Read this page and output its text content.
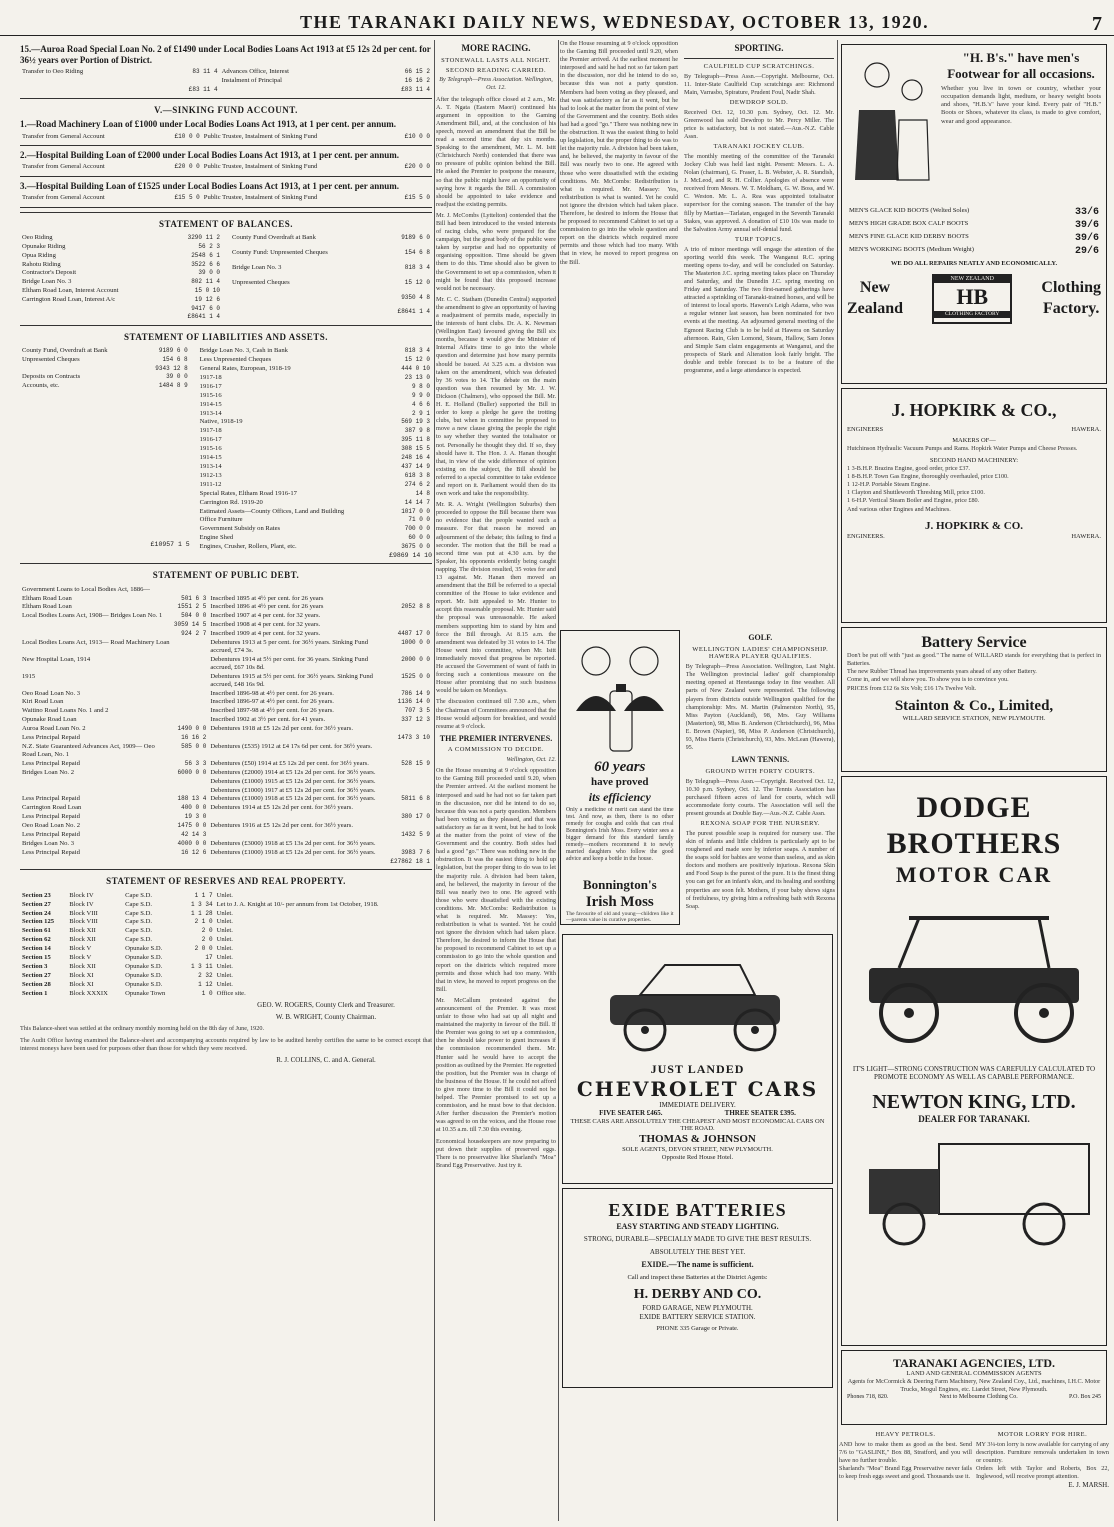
THE TARANAKI DAILY NEWS, WEDNESDAY, OCTOBER 13, 1920.	7
15.—Auroa Road Special Loan No. 2 of £1490 under Local Bodies Loans Act 1913 at £5 12s 2d per cent. for 36½ years over Portion of District.
Transfer to Oeo Riding	83 11 4	Advances Office, Interest	66 15 2
		Instalment of Principal	16 16 2
	£83 11 4		£83 11 4
V.—SINKING FUND ACCOUNT.
1.—Road Machinery Loan of £1000 under Local Bodies Loans Act 1913, at 1 per cent. per annum.
Transfer from General Account	£10 0 0	Public Trustee, Instalment of Sinking Fund	£10 0 0
2.—Hospital Building Loan of £2000 under Local Bodies Loans Act 1913, at 1 per cent. per annum.
Transfer from General Account	£20 0 0	Public Trustee, Instalment of Sinking Fund	£20 0 0
3.—Hospital Building Loan of £1525 under Local Bodies Loans Act 1913, at 1 per cent. per annum.
Transfer from General Account	£15 5 0	Public Trustee, Instalment of Sinking Fund	£15 5 0
STATEMENT OF BALANCES.
Oeo Riding	3290 11 2
Opunake Riding	56 2 3
Opua Riding	2548 6 1
Rahotu Riding	3522 6 6
Contractor's Deposit	39 0 0
Bridge Loan No. 3	802 11 4
Eltham Road Loan, Interest Account	15 0 10
Carrington Road Loan, Interest A/c	19 12 6
	9417 6 0
	£8641 1 4
County Fund Overdraft at Bank	9189 6 0
County Fund: Unpresented Cheques	154 6 8
Bridge Loan No. 3	818 3 4
Unpresented Cheques	15 12 0
	9350 4 8
	£8641 1 4
STATEMENT OF LIABILITIES AND ASSETS.
County Fund, Overdraft at Bank	9189 6 0
Unpresented Cheques	154 6 8
	9343 12 8
Deposits on Contracts	39 0 0
Accounts, etc.	1484 8 9
£10957 1 5
Bridge Loan No. 3, Cash in Bank	818 3 4
Less Unpresented Cheques	15 12 0
General Rates, European, 1918-19	444 0 10
1917-18	23 13 0
1916-17	9 8 0
1915-16	9 9 0
1914-15	4 6 6
1913-14	2 9 1
Native, 1918-19	569 19 3
1917-18	387 9 8
1916-17	395 11 8
1915-16	308 15 5
1914-15	248 16 4
1913-14	437 14 9
1912-13	618 3 8
1911-12	274 6 2
Special Rates, Eltham Road 1916-17	14 8
Carrington Rd. 1919-20	14 14 7
Estimated Assets—County Offices, Land and Building	1017 0 0
Office Furniture	71 0 0
Government Subsidy on Rates	700 0 0
Engine Shed	60 0 0
Engines, Crusher, Rollers, Plant, etc.	3675 0 0
£9869 14 10
STATEMENT OF PUBLIC DEBT.
Government Loans to Local Bodies Act, 1886—			
Eltham Road Loan	501 6 3	Inscribed 1895 at 4½ per cent. for 26 years	
Eltham Road Loan	1551 2 5	Inscribed 1896 at 4½ per cent. for 26 years	2052 8 8
Local Bodies Loans Act, 1908— Bridges Loan No. 1	504 0 0	Inscribed 1907 at 4 per cent. for 32 years.	
	3059 14 5	Inscribed 1908 at 4 per cent. for 32 years.	
	924 2 7	Inscribed 1909 at 4 per cent. for 32 years.	4487 17 0
Local Bodies Loans Act, 1913— Road Machinery Loan		Debentures 1913 at 5 per cent. for 36½ years. Sinking Fund accrued, £74 3s.	1000 0 0
New Hospital Loan, 1914		Debentures 1914 at 5½ per cent. for 36 years. Sinking Fund accrued, £67 10s 8d.	2000 0 0
1915		Debentures 1915 at 5½ per cent. for 36½ years. Sinking Fund accrued, £48 16s 9d.	1525 0 0
Oeo Road Loan No. 3		Inscribed 1896-98 at 4½ per cent. for 26 years.	786 14 9
Kiri Road Loan		Inscribed 1896-97 at 4½ per cent. for 26 years.	1136 14 0
Waitino Road Loans No. 1 and 2		Inscribed 1897-98 at 4½ per cent. for 26 years.	707 3 5
Opunake Road Loan		Inscribed 1902 at 3½ per cent. for 41 years.	337 12 3
Auroa Road Loan No. 2	1490 0 0	Debentures 1918 at £5 12s 2d per cent. for 36½ years.	
Less Principal Repaid	16 16 2		1473 3 10
N.Z. State Guaranteed Advances Act, 1909— Oeo Road Loan, No. 1	585 0 0	Debentures (£535) 1912 at £4 17s 6d per cent. for 36½ years.	
Less Principal Repaid	56 3 3	Debentures (£50) 1914 at £5 12s 2d per cent. for 36½ years.	528 15 9
Bridges Loan No. 2	6000 0 0	Debentures (£2000) 1914 at £5 12s 2d per cent. for 36½ years.	
		Debentures (£1000) 1915 at £5 12s 2d per cent. for 36½ years.	
		Debentures (£1000) 1917 at £5 12s 2d per cent. for 36½ years.	
Less Principal Repaid	188 13 4	Debentures (£1000) 1918 at £5 12s 2d per cent. for 36½ years.	5811 6 8
Carrington Road Loan	400 0 0	Debentures 1914 at £5 12s 2d per cent. for 36½ years.	
Less Principal Repaid	19 3 0		380 17 0
Oeo Road Loan No. 2	1475 0 0	Debentures 1916 at £5 12s 2d per cent. for 36½ years.	
Less Principal Repaid	42 14 3		1432 5 9
Bridges Loan No. 3	4000 0 0	Debentures (£3000) 1918 at £5 13s 2d per cent. for 36½ years.	
Less Principal Repaid	16 12 6	Debentures (£1000) 1918 at £5 12s 2d per cent. for 36½ years.	3983 7 6
			£27862 18 1
STATEMENT OF RESERVES AND REAL PROPERTY.
Section 23	Block IV	Cape S.D.	1 1 7	Unlet.
Section 27	Block IV	Cape S.D.	1 3 34	Let to J. A. Knight at 10/- per annum from 1st October, 1918.
Section 24	Block VIII	Cape S.D.	1 1 28	Unlet.
Section 125	Block VIII	Cape S.D.	2 1 0	Unlet.
Section 61	Block XII	Cape S.D.	2 0	Unlet.
Section 62	Block XII	Cape S.D.	2 0	Unlet.
Section 14	Block V	Opunake S.D.	2 0 0	Unlet.
Section 15	Block V	Opunake S.D.	17	Unlet.
Section 3	Block XII	Opunake S.D.	1 3 11	Unlet.
Section 27	Block XI	Opunake S.D.	2 32	Unlet.
Section 28	Block XI	Opunake S.D.	1 12	Unlet.
Section 1	Block XXXIX	Opunake Town	1 0	Office site.
GEO. W. ROGERS, County Clerk and Treasurer.
W. B. WRIGHT, County Chairman.
This Balance-sheet was settled at the ordinary monthly morning held on the 8th day of June, 1920.
The Audit Office having examined the Balance-sheet and accompanying accounts required by law to be audited hereby certifies the same to be correct except that interest moneys have been used for purposes other than those for which they were received.
R. J. COLLINS, C. and A. General.
MORE RACING.
STONEWALL LASTS ALL NIGHT.
SECOND READING CARRIED.

By Telegraph—Press Association. Wellington, Oct. 12.

After the telegraph office closed at 2 a.m., Mr. A. T. Ngata (Eastern Maori) continued his argument in opposition to the Gaming Amendment Bill, and, at the conclusion of his speech, moved an amendment that the Bill be read a second time that day six months. Speaking to the amendment, Mr. L. M. Isitt (Christchurch North) contended that there was no pressure of public opinion behind the Bill. He asked the Premier to postpone the measure, so that the public might have an opportunity of saying how it regards the Bill. A commission should be appointed to take evidence and readjust the existing permits.

Mr. J. McCombs (Lyttelton) contended that the Bill had been introduced to the vested interests of racing clubs, who were prepared for the campaign, but the great body of the public were taken by surprise and had no opportunity of organising opposition. Time should be given them to do this. Time should also be given to the Government to set up a commission, when it might be found that this proposed increase would not be necessary.

Mr. C. C. Statham (Dunedin Central) supported the amendment to give an opportunity of having a readjustment of permits made, especially in the interests of hunt clubs. Dr. A. K. Newman (Wellington East) favoured giving the Bill six months, because it would give the Minister of Internal Affairs time to go into the whole question and determine just how many permits should be issued. At 3.25 a.m. a division was taken on the amendment, which was defeated by 36 votes to 14. The debate on the main question was then resumed by Mr. J. W. Dickson (Chalmers), who opposed the Bill. Mr. H. E. Holland (Buller) supported the Bill in order to keep a pledge he gave the trotting clubs, but when in committee he proposed to move a new clause giving the people the right to say whether they wanted the totalisator or not. Personally he thought they did. If so, they should have it. The Hon. J. A. Hanan thought that, in view of the wide difference of opinion existing on the subject, the Bill should be referred to a special committee to take evidence and report on it. Parliament would then do its own work and take the responsibility.

Mr. R. A. Wright (Wellington Suburbs) then proceeded to oppose the Bill because there was no evidence that the people wanted such a measure. For that reason he moved an adjournment of the debate; this failing to find a seconder. The motion that the Bill be read a second time was put at 4.30 a.m. by the Speaker, his opponents evidently being caught napping. The division resulted, 35 votes for and 13 against. Mr. Hanan then moved an amendment that the Bill be referred to a special committee of the House to take evidence and report. Mr. Isitt appealed to Mr. Hunter to accept this reasonable proposal. Mr. Hunter said the proposal was unreasonable. He asked members supporting him to stand by him and force the Bill through. At 8.15 a.m. the amendment was defeated by 31 votes to 14. The House went into committee, when Mr. Isitt immediately moved that progress be reported. He accused the Government of want of faith in forcing such a contentious measure on the House after promising that no such business would be taken on Mondays.

The discussion continued till 7.30 a.m., when the Chairman of Committees announced that the House would adjourn for breakfast, and would resume at 9 o'clock.

THE PREMIER INTERVENES.
A COMMISSION TO DECIDE.

Wellington, Oct. 12.

On the House resuming at 9 o'clock opposition to the Gaming Bill proceeded until 9.20, when the Premier arrived. At the earliest moment he interposed and said he had not so far taken part in the discussion, nor did he intend to do so, because this was not a party question. Members had been voting as they pleased, and that was satisfactory as far as it went, but he had to look at the matter from the point of view of the Government and the country. Both sides had had a good "go." There was nothing new in the obstruction. It was the easiest thing to hold up legislation, but the proper thing to do was to let the majority rule. A division had been taken, and, he believed, the majority in favour of the Bill was nearly two to one. He agreed with those who were dissatisfied with the existing conditions. Mr. McCombs: Redistribution is what is required. Mr. Massey: Yes, redistribution is what is wanted. Yet he could not ignore the division which had taken place. Therefore, he desired to inform the House that he proposed to recommend Cabinet to set up a commission to go into the whole question and report on the districts which required more permits and those which had too many. With that in view, he moved to report progress on the Bill.

Mr. McCallum protested against the announcement of the Premier. It was most unfair to those who had sat up all night and maintained the majority in favour of the Bill. If the Premier was going to set up a commission, then he should take power to grant increases if the commission recommended them. Mr. Hunter said he would have to accept the position as outlined by the Premier. He regretted the position, but the Premier was in charge of the business of the House. If he could not afford to give more time to the Bill it could not be helped. The Premier promised to set up a commission, and he must bow to that decision. After further discussion the Premier's motion was agreed to on the voices, and the House rose at 10.35 a.m. till 7.30 this evening.

Economical housekeepers are now preparing to put down their supplies of preserved eggs. There is no preservative like Sharland's "Moa" Brand Egg Preservative. Just try it.

On the House resuming at 9 o'clock opposition to the Gaming Bill proceeded until 9.20, when the Premier arrived. At the earliest moment he interposed and said he had not so far taken part in the discussion, nor did he intend to do so, because this was not a party question. Members had been voting as they pleased, and that was satisfactory as far as it went, but he had to look at the matter from the point of view of the Government and the country. Both sides had had a good "go." There was nothing new in the obstruction. It was the easiest thing to hold up legislation, but the proper thing to do was to let the majority rule. A division had been taken, and, he believed, the majority in favour of the Bill was nearly two to one. He agreed with those who were dissatisfied with the existing conditions. Mr. McCombs: Redistribution is what is required. Mr. Massey: Yes, redistribution is what is wanted. Yet he could not ignore the division which had taken place. Therefore, he desired to inform the House that he proposed to recommend Cabinet to set up a commission to go into the whole question and report on the districts which required more permits and those which had too many. With that in view, he moved to report progress on the Bill.
SPORTING.
CAULFIELD CUP SCRATCHINGS.
By Telegraph—Press Assn.—Copyright. Melbourne, Oct. 11. Inter-State Caulfield Cup scratchings are: Richmond Main, Varrasbo, Spirature, Prudent Foul, Nadir Shah.
DEWDROP SOLD.
Received Oct. 12, 10.30 p.m. Sydney, Oct. 12. Mr. Greenwood has sold Dewdrop to Mr. Percy Miller. The price is satisfactory, but is not stated.—Aus.-N.Z. Cable Assn.
TARANAKI JOCKEY CLUB.
The monthly meeting of the committee of the Taranaki Jockey Club was held last night. Present: Messrs. L. A. Nolan (chairman), G. Fraser, L. B. Webster, A. R. Standish, J. McLeod, and R. H. Collier. Apologies of absence were received from Messrs. W. T. Moldham, G. W. Boss, and W. C. Weston. Mr. L. A. Rea was appointed totalisator supervisor for the coming season. The transfer of the bay filly by Martian—Tarlatan, engaged in the Seventh Taranaki Stakes, was approved. A donation of £10 10s was made to the Salvation Army annual self-denial fund.
TURF TOPICS.
A trio of minor meetings will engage the attention of the sporting world this week. The Wanganui R.C. spring meeting opens to-day, and will be concluded on Saturday. The Masterton J.C. spring meeting takes place on Thursday and Saturday, and the Dunedin J.C. spring meeting on Friday and Saturday. The two first-named gatherings have attracted a sprinkling of Taranaki-trained horses, and will be of interest to local sports. Hawera's Leigh Adams, who was a regular winner last season, has been nominated for two events at the meeting. An adjourned general meeting of the Egmont Racing Club is to be held at Hawera on Saturday afternoon. Rain, Glen Lomond, Steam, Hallow, Sam Jones and Simple Sam claim engagements at Wanganui, and the prospects of Stark and Alteration look fairly bright. The double and treble forecast is to be a feature of the programme, and a large attendance is expected.
60 years
have proved
its efficiency
Only a medicine of merit can stand the time test. And now, as then, there is no other remedy for coughs and colds that can rival Bonnington's Irish Moss. Every winter sees a bigger demand for this standard family remedy—mothers recommend it to newly married daughters who follow the good advice and keep a bottle in the house.
Bonnington's
Irish Moss
The favourite of old and young—children like it—parents value its curative properties.
GOLF.
WELLINGTON LADIES' CHAMPIONSHIP. HAWERA PLAYER QUALIFIES.
By Telegraph—Press Association. Wellington, Last Night. The Wellington provincial ladies' golf championship meeting opened at Heretaunga today in fine weather. All parts of New Zealand were represented. The following players from districts outside Wellington qualified for the championship: Mrs. M. Martin (Palmerston North), 95, Miss Payton (Auckland), 98, Mrs. Guy Williams (Masterton), 98, Miss B. Anderson (Christchurch), 96, Miss E. Brown (Napier), 98, Miss P. Anderson (Christchurch), 93, Miss Harris (Christchurch), 93, Mrs. McLean (Hawera), 95.
LAWN TENNIS.
GROUND WITH FORTY COURTS.
By Telegraph—Press Assn.—Copyright. Received Oct. 12, 10.30 p.m. Sydney, Oct. 12. The Tennis Association has purchased fifteen acres of land for courts, which will accommodate forty courts. The Association will sell the present grounds at Double Bay.—Aus.-N.Z. Cable Assn.
REXONA SOAP FOR THE NURSERY.
The purest possible soap is required for nursery use. The skin of infants and little children is particularly apt to be roughened and made sore by inferior soaps. A number of the soaps sold for babies are worse than useless, and as skin doctors and mothers are positively injurious. Rexona Skin and Food Soap is the purest of the pure. It is the finest thing you can get for an infant's skin, and its healing and soothing properties are soon felt. Mothers, if your baby shows signs of fretfulness, try giving him a refreshing bath with Rexona Soap.
JUST LANDED
CHEVROLET CARS
IMMEDIATE DELIVERY.
FIVE SEATER £465.	THREE SEATER £395.
THESE CARS ARE ABSOLUTELY THE CHEAPEST AND MOST ECONOMICAL CARS ON THE ROAD.
THOMAS & JOHNSON
SOLE AGENTS, DEVON STREET, NEW PLYMOUTH.
Opposite Red House Hotel.
EXIDE BATTERIES
EASY STARTING AND STEADY LIGHTING.
STRONG, DURABLE—SPECIALLY MADE TO GIVE THE BEST RESULTS.
ABSOLUTELY THE BEST YET.
EXIDE.—The name is sufficient.
Call and inspect these Batteries at the District Agents:
H. DERBY AND CO.
FORD GARAGE, NEW PLYMOUTH.
EXIDE BATTERY SERVICE STATION.
PHONE 335 Garage or Private.
"H. B's." have men's Footwear for all occasions.
Whether you live in town or country, whether your occupation demands light, medium, or heavy weight boots and shoes, "H.B.'s" have your kind. Every pair of "H.B." Boots or Shoes, whatever its class, is made to give comfort, wear and good appearance.
MEN'S GLACE KID BOOTS (Welted Soles)	33/6
MEN'S HIGH GRADE BOX CALF BOOTS	39/6
MEN'S FINE GLACE KID DERBY BOOTS	39/6
MEN'S WORKING BOOTS (Medium Weight)	29/6
WE DO ALL REPAIRS NEATLY AND ECONOMICALLY.
New
Zealand
NEW ZEALAND
HB
CLOTHING FACTORY
Clothing
Factory.
J. HOPKIRK & CO.,
ENGINEERS	HAWERA.
MAKERS OF—
Hutchinson Hydraulic Vacuum Pumps and Rams. Hopkirk Water Pumps and Cheese Presses.
SECOND HAND MACHINERY:
1 3-B.H.P. Brazins Engine, good order, price £37.
1 8-B.H.P. Town Gas Engine, thoroughly overhauled, price £100.
1 12-H.P. Portable Steam Engine.
1 Clayton and Shuttleworth Threshing Mill, price £100.
1 6-H.P. Vertical Steam Boiler and Engine, price £80.
And various other Engines and Machines.
J. HOPKIRK & CO.
ENGINEERS.	HAWERA.
Battery Service
Don't be put off with "just as good." The name of WILLARD stands for everything that is perfect in Batteries.
The new Rubber Thread has improvements years ahead of any other Battery.
Come in, and we will show you. To show you is to convince you.
PRICES from £12 6s Six Volt; £16 17s Twelve Volt.
Stainton & Co., Limited,
WILLARD SERVICE STATION, NEW PLYMOUTH.
DODGE BROTHERS
MOTOR CAR
IT'S LIGHT—STRONG CONSTRUCTION WAS CAREFULLY CALCULATED TO PROMOTE ECONOMY AS WELL AS CAPABLE PERFORMANCE.
NEWTON KING, LTD.
DEALER FOR TARANAKI.
TARANAKI AGENCIES, LTD.
LAND AND GENERAL COMMISSION AGENTS
Agents for McCormick & Deering Farm Machinery, New Zealand Coy., Ltd., machines, I.H.C. Motor Trucks, Mogul Engines, etc. Liardet Street, New Plymouth.
Phones 718, 820.	Next to Melbourne Clothing Co.	P.O. Box 245
HEAVY PETROLS.
AND how to make them as good as the best. Send 7/6 to "GASLINE," Box 88, Stratford, and you will have no further trouble.
Sharland's "Moa" Brand Egg Preservative never fails to keep fresh eggs sweet and good. Thousands use it.
MOTOR LORRY FOR HIRE.
MY 3¼-ton lorry is now available for carrying of any description. Furniture removals undertaken in town or country.
Orders left with Taylor and Roberts, Box 22, Inglewood, will receive prompt attention.
E. J. MARSH.
